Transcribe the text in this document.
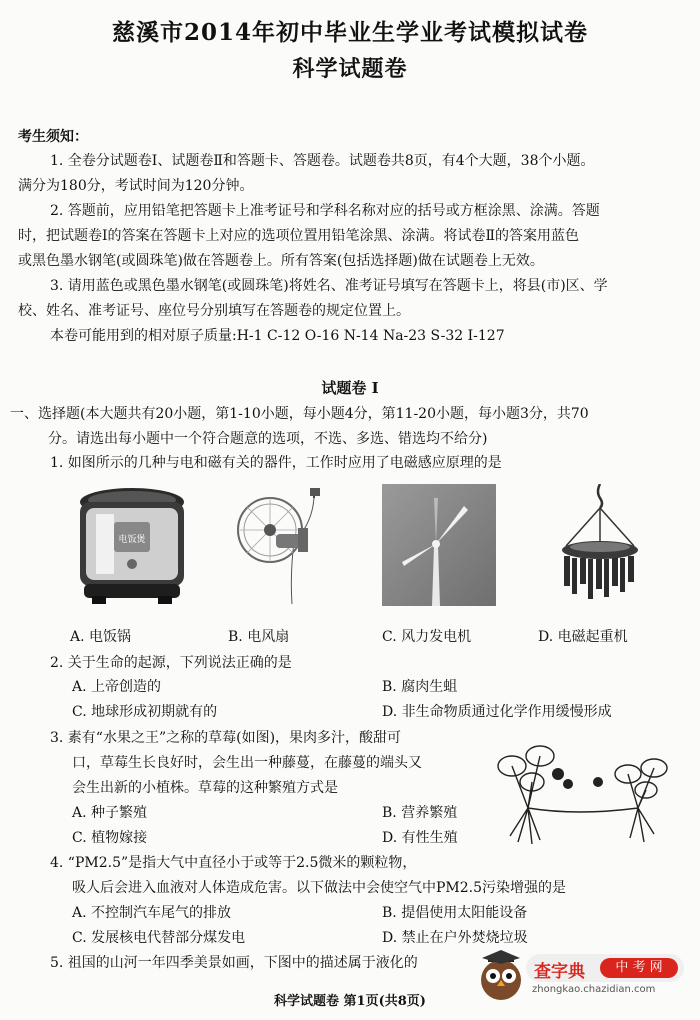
慈溪市2014年初中毕业生学业考试模拟试卷
科学试题卷
考生须知：
1. 全卷分试题卷Ⅰ、试题卷Ⅱ和答题卡、答题卷。试题卷共8页，有4个大题，38个小题。
满分为180分，考试时间为120分钟。
2. 答题前，应用铅笔把答题卡上准考证号和学科名称对应的括号或方框涂黑、涂满。答题
时，把试题卷Ⅰ的答案在答题卡上对应的选项位置用铅笔涂黑、涂满。将试卷Ⅱ的答案用蓝色
或黑色墨水钢笔(或圆珠笔)做在答题卷上。所有答案(包括选择题)做在试题卷上无效。
3. 请用蓝色或黑色墨水钢笔(或圆珠笔)将姓名、准考证号填写在答题卡上，将县(市)区、学
校、姓名、准考证号、座位号分别填写在答题卷的规定位置上。
本卷可能用到的相对原子质量:H-1 C-12 O-16 N-14 Na-23 S-32 I-127
试题卷 I
一、选择题(本大题共有20小题，第1-10小题，每小题4分，第11-20小题，每小题3分，共70
分。请选出每小题中一个符合题意的选项，不选、多选、错选均不给分)
1. 如图所示的几种与电和磁有关的器件，工作时应用了电磁感应原理的是
电饭煲
A. 电饭锅	B. 电风扇	C. 风力发电机	D. 电磁起重机
2. 关于生命的起源，下列说法正确的是
A. 上帝创造的	B. 腐肉生蛆
C. 地球形成初期就有的	D. 非生命物质通过化学作用缓慢形成
3. 素有“水果之王”之称的草莓(如图)，果肉多汁，酸甜可
口，草莓生长良好时，会生出一种藤蔓，在藤蔓的端头又
会生出新的小植株。草莓的这种繁殖方式是
A. 种子繁殖	B. 营养繁殖
C. 植物嫁接	D. 有性生殖
4. “PM2.5”是指大气中直径小于或等于2.5微米的颗粒物，
吸人后会进入血液对人体造成危害。以下做法中会使空气中PM2.5污染增强的是
A. 不控制汽车尾气的排放	B. 提倡使用太阳能设备
C. 发展核电代替部分煤发电	D. 禁止在户外焚烧垃圾
5. 祖国的山河一年四季美景如画，下图中的描述属于液化的
科学试题卷 第1页(共8页)
查字典	中 考 网
zhongkao.chazidian.com
